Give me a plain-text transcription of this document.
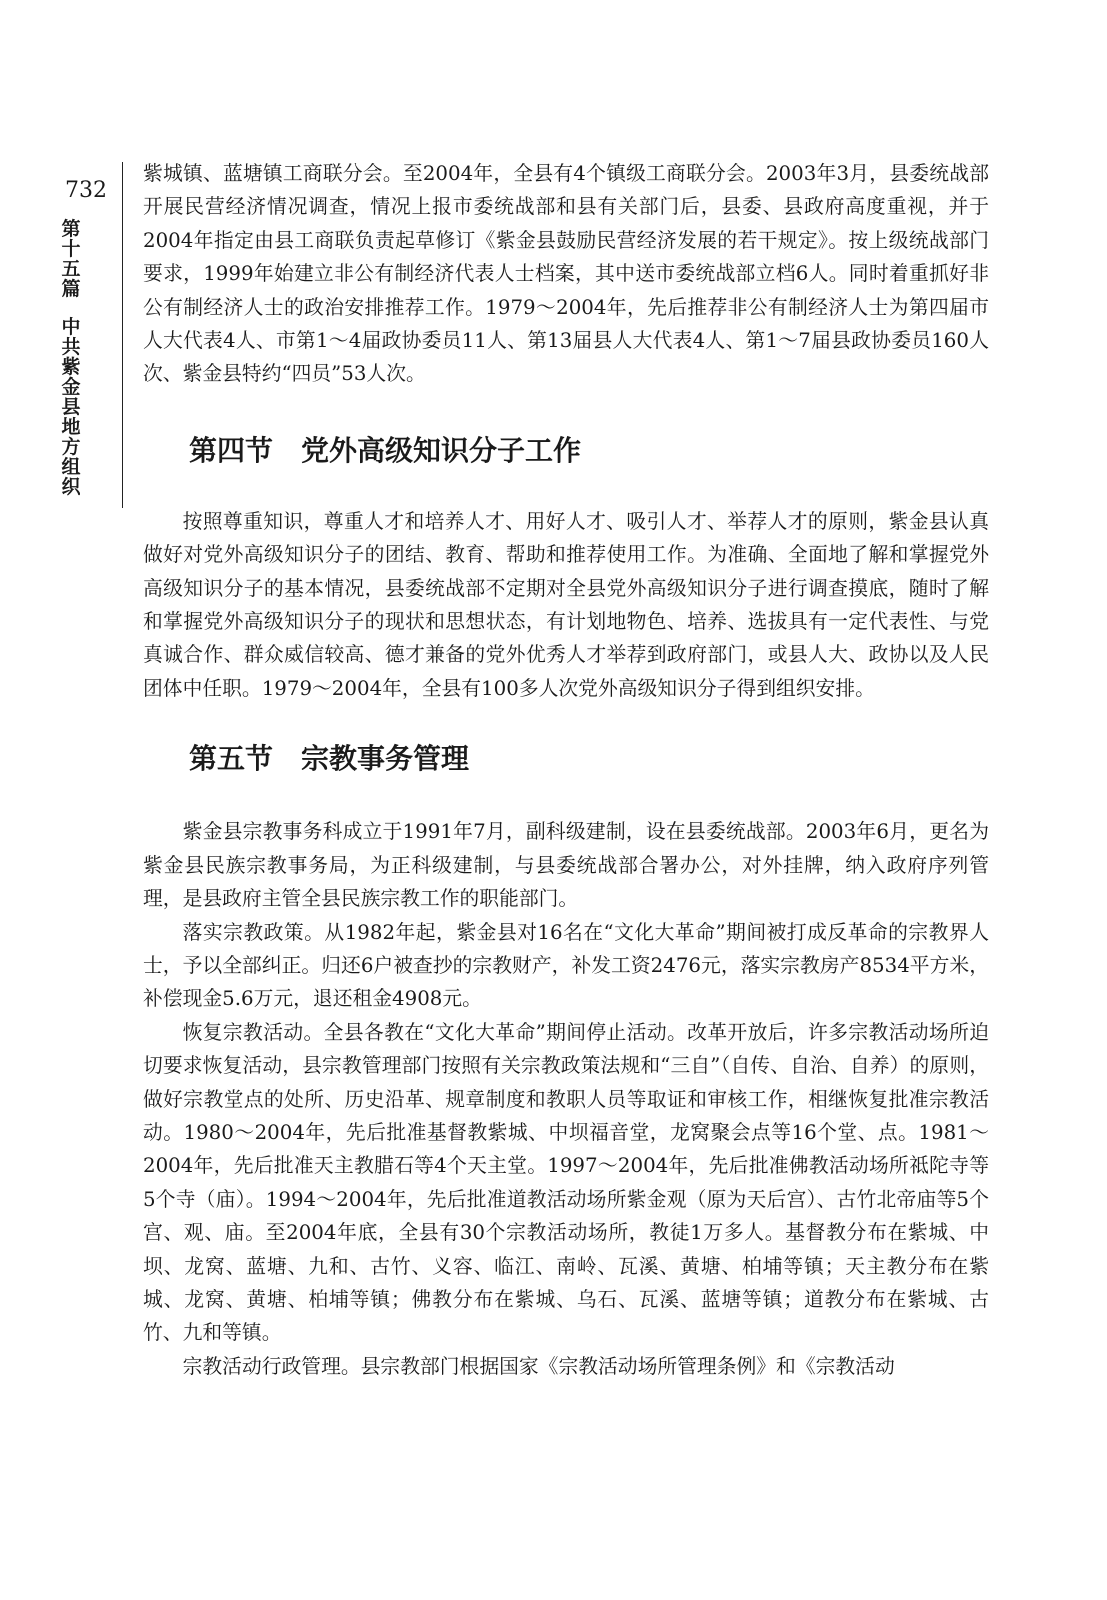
732
第十五篇
中共紫金县地方组织

紫城镇、蓝塘镇工商联分会。至2004年，全县有4个镇级工商联分会。2003年3月，县委统战部开展民营经济情况调查，情况上报市委统战部和县有关部门后，县委、县政府高度重视，并于2004年指定由县工商联负责起草修订《紫金县鼓励民营经济发展的若干规定》。按上级统战部门要求，1999年始建立非公有制经济代表人士档案，其中送市委统战部立档6人。同时着重抓好非公有制经济人士的政治安排推荐工作。1979～2004年，先后推荐非公有制经济人士为第四届市人大代表4人、市第1～4届政协委员11人、第13届县人大代表4人、第1～7届县政协委员160人次、紫金县特约“四员”53人次。

第四节　党外高级知识分子工作

按照尊重知识，尊重人才和培养人才、用好人才、吸引人才、举荐人才的原则，紫金县认真做好对党外高级知识分子的团结、教育、帮助和推荐使用工作。为准确、全面地了解和掌握党外高级知识分子的基本情况，县委统战部不定期对全县党外高级知识分子进行调查摸底，随时了解和掌握党外高级知识分子的现状和思想状态，有计划地物色、培养、选拔具有一定代表性、与党真诚合作、群众威信较高、德才兼备的党外优秀人才举荐到政府部门，或县人大、政协以及人民团体中任职。1979～2004年，全县有100多人次党外高级知识分子得到组织安排。

第五节　宗教事务管理

紫金县宗教事务科成立于1991年7月，副科级建制，设在县委统战部。2003年6月，更名为紫金县民族宗教事务局，为正科级建制，与县委统战部合署办公，对外挂牌，纳入政府序列管理，是县政府主管全县民族宗教工作的职能部门。

落实宗教政策。从1982年起，紫金县对16名在“文化大革命”期间被打成反革命的宗教界人士，予以全部纠正。归还6户被查抄的宗教财产，补发工资2476元，落实宗教房产8534平方米，补偿现金5.6万元，退还租金4908元。

恢复宗教活动。全县各教在“文化大革命”期间停止活动。改革开放后，许多宗教活动场所迫切要求恢复活动，县宗教管理部门按照有关宗教政策法规和“三自”（自传、自治、自养）的原则，做好宗教堂点的处所、历史沿革、规章制度和教职人员等取证和审核工作，相继恢复批准宗教活动。1980～2004年，先后批准基督教紫城、中坝福音堂，龙窝聚会点等16个堂、点。1981～2004年，先后批准天主教腊石等4个天主堂。1997～2004年，先后批准佛教活动场所祗陀寺等5个寺（庙）。1994～2004年，先后批准道教活动场所紫金观（原为天后宫）、古竹北帝庙等5个宫、观、庙。至2004年底，全县有30个宗教活动场所，教徒1万多人。基督教分布在紫城、中坝、龙窝、蓝塘、九和、古竹、义容、临江、南岭、瓦溪、黄塘、柏埔等镇；天主教分布在紫城、龙窝、黄塘、柏埔等镇；佛教分布在紫城、乌石、瓦溪、蓝塘等镇；道教分布在紫城、古竹、九和等镇。

宗教活动行政管理。县宗教部门根据国家《宗教活动场所管理条例》和《宗教活动
